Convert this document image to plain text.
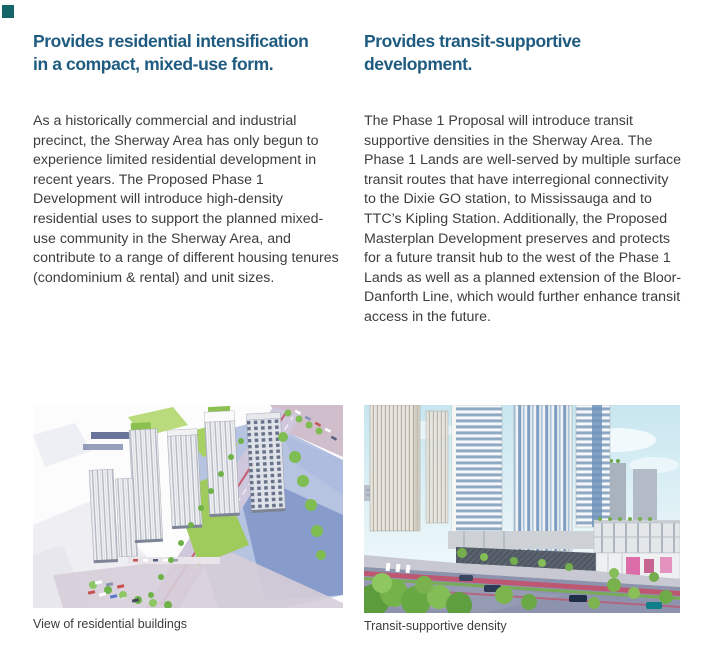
Provides residential intensification
in a compact, mixed-use form.

As a historically commercial and industrial precinct, the Sherway Area has only begun to experience limited residential development in recent years. The Proposed Phase 1 Development will introduce high-density residential uses to support the planned mixed-use community in the Sherway Area, and contribute to a range of different housing tenures (condominium & rental) and unit sizes.

Provides transit-supportive
development.

The Phase 1 Proposal will introduce transit supportive densities in the Sherway Area. The Phase 1 Lands are well-served by multiple surface transit routes that have interregional connectivity to the Dixie GO station, to Mississauga and to TTC’s Kipling Station. Additionally, the Proposed Masterplan Development preserves and protects for a future transit hub to the west of the Phase 1 Lands as well as a planned extension of the Bloor-Danforth Line, which would further enhance transit access in the future.

View of residential buildings	Transit-supportive density
